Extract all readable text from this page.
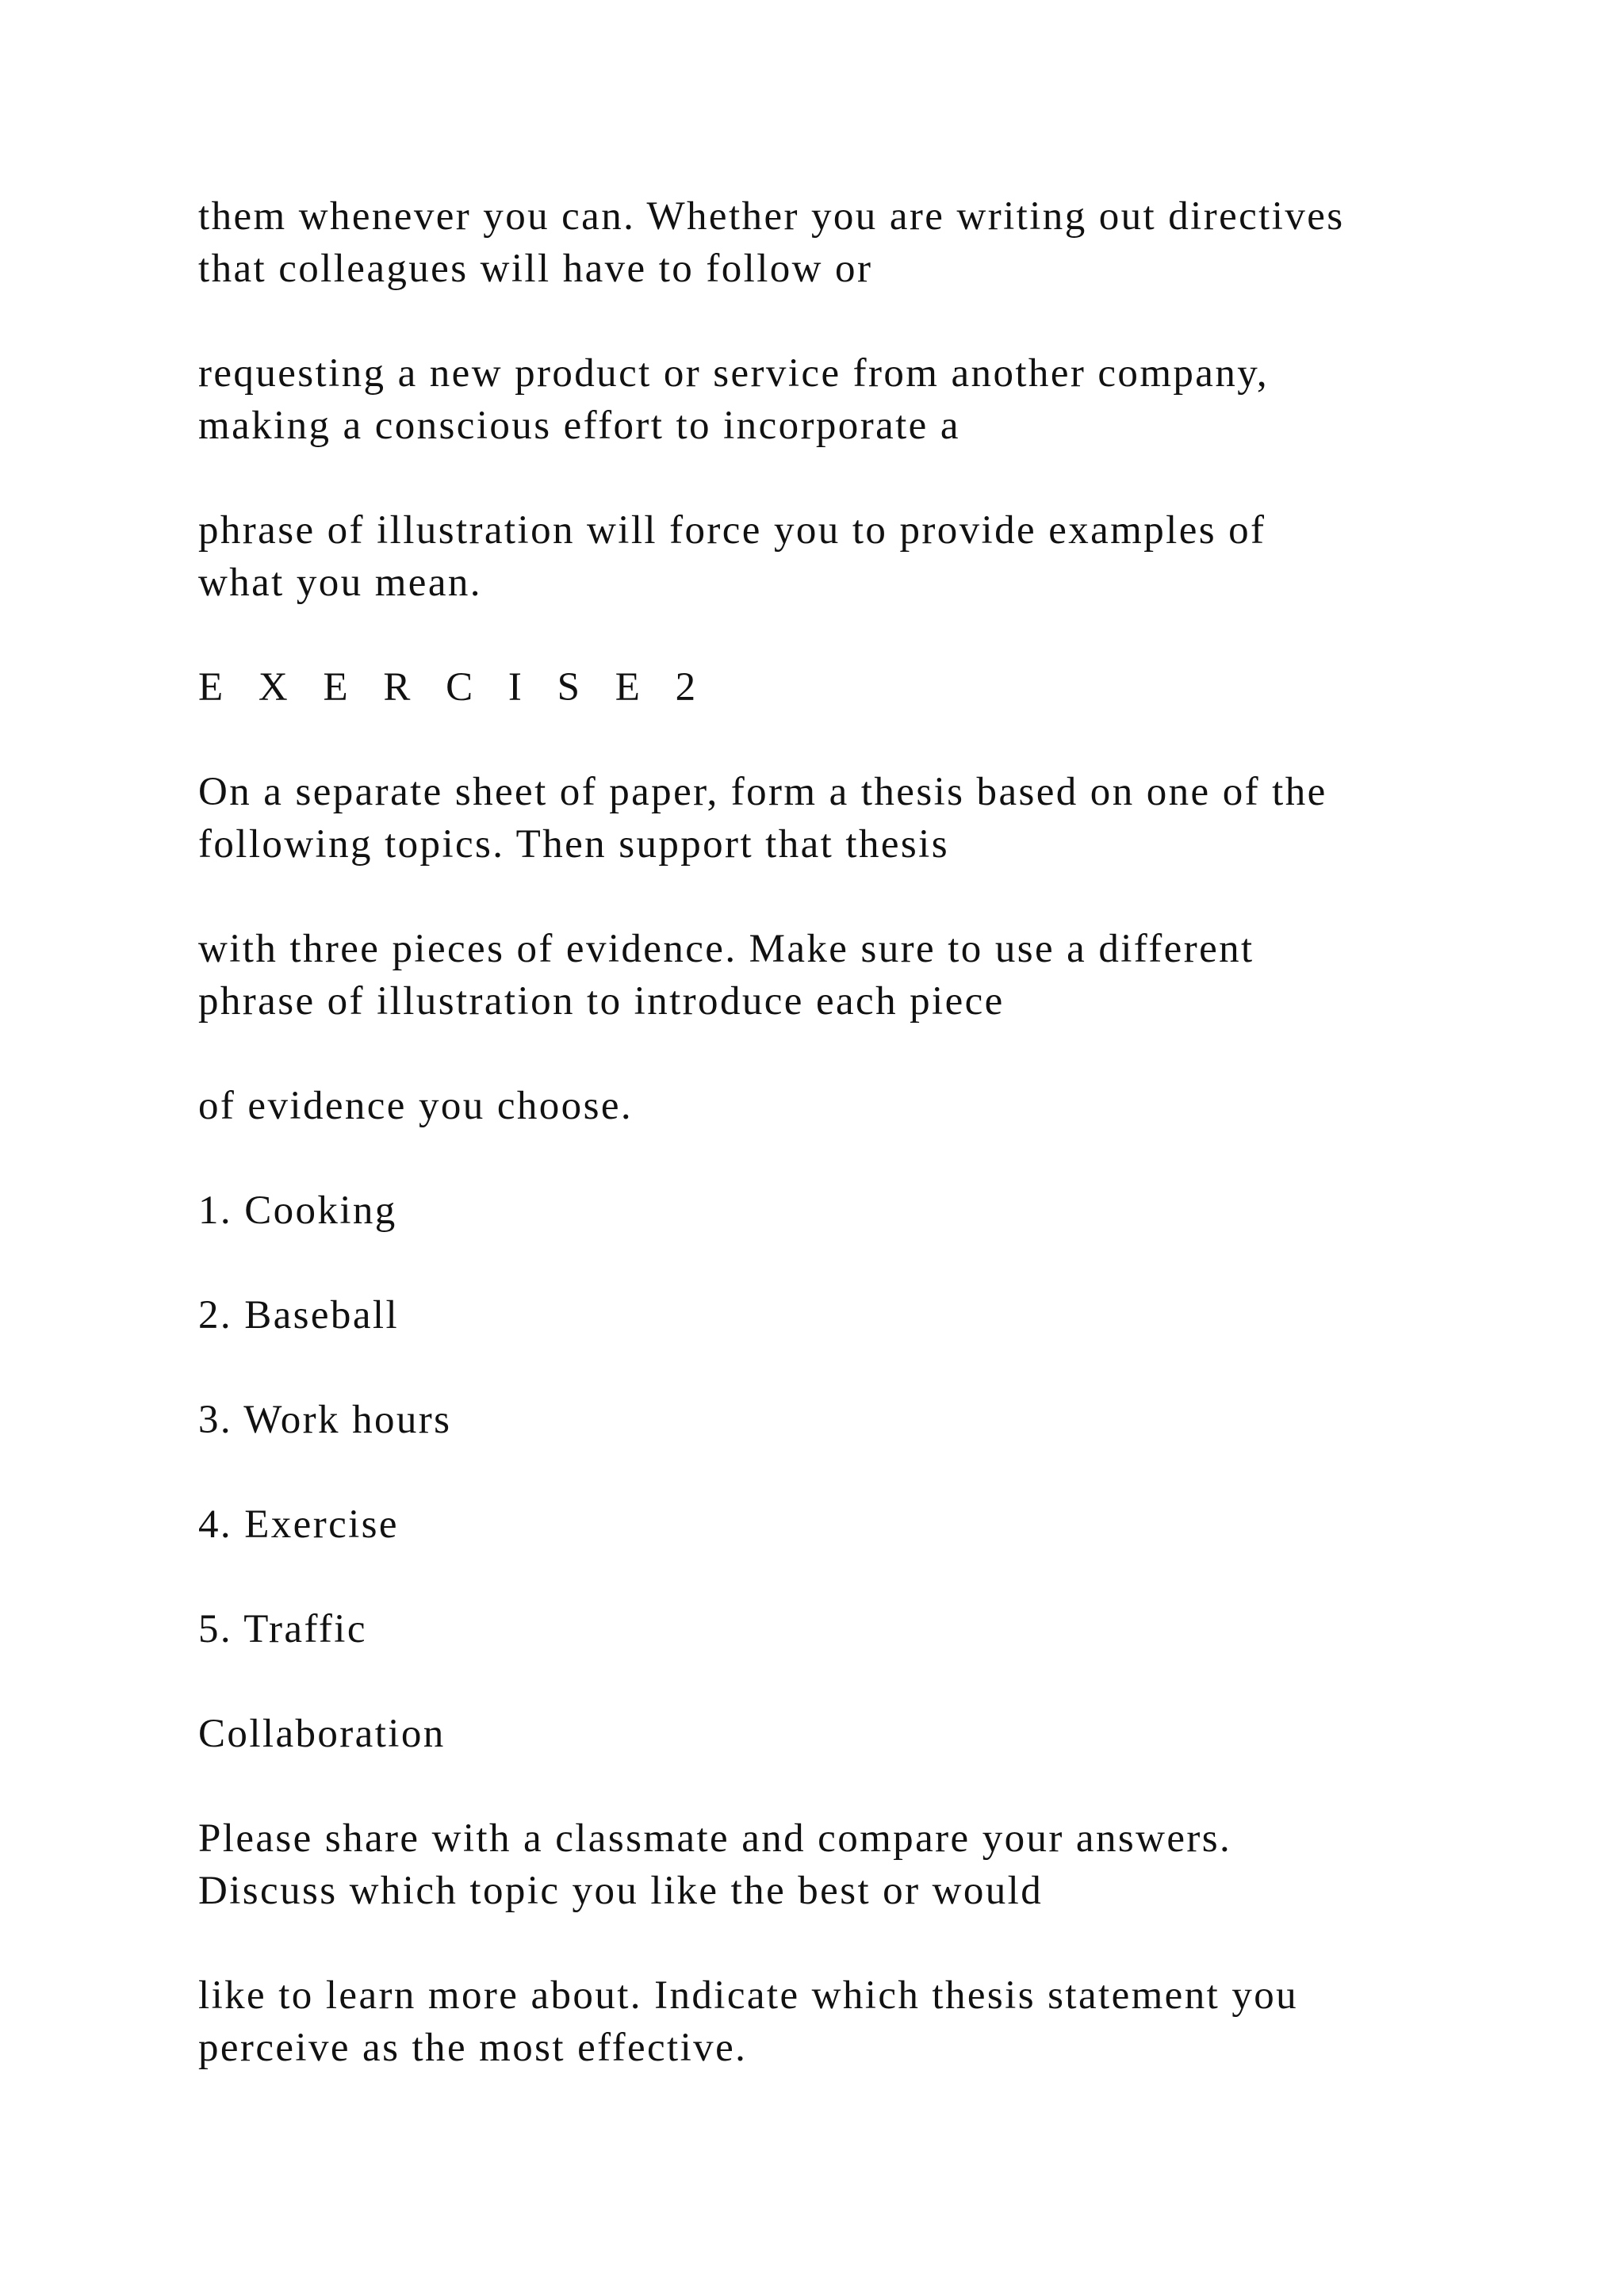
them whenever you can. Whether you are writing out directives
that colleagues will have to follow or

requesting a new product or service from another company,
making a conscious effort to incorporate a

phrase of illustration will force you to provide examples of
what you mean.

E X E R C I S E 2

On a separate sheet of paper, form a thesis based on one of the
following topics. Then support that thesis

with three pieces of evidence. Make sure to use a different
phrase of illustration to introduce each piece

of evidence you choose.

1. Cooking

2. Baseball

3. Work hours

4. Exercise

5. Traffic

Collaboration

Please share with a classmate and compare your answers.
Discuss which topic you like the best or would

like to learn more about. Indicate which thesis statement you
perceive as the most effective.
